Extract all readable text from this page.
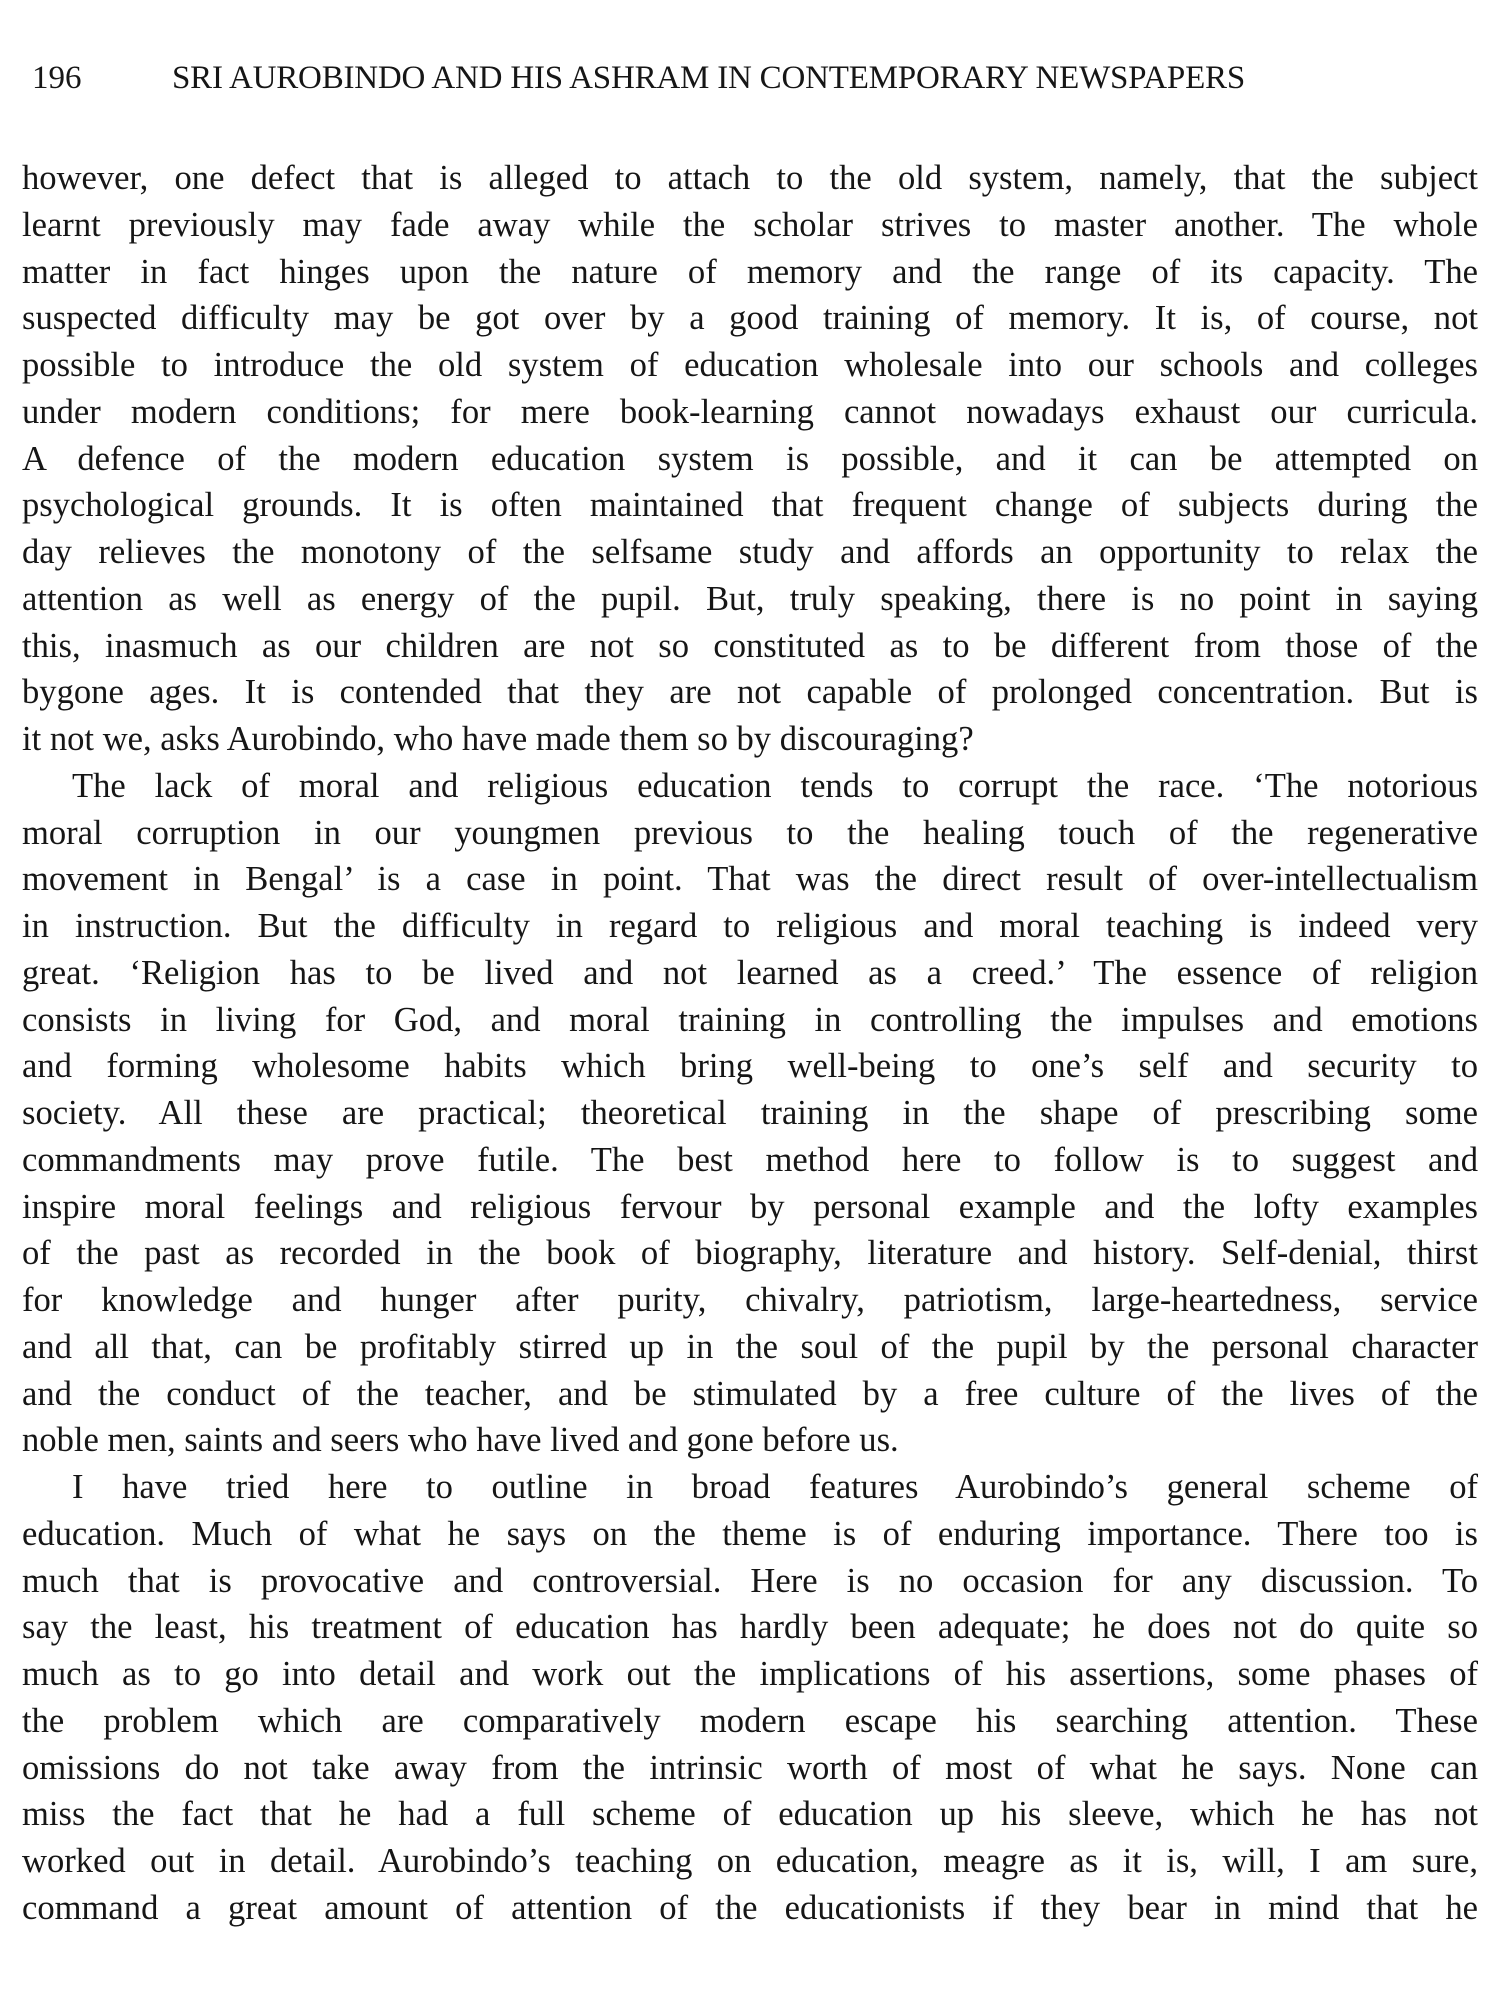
196	SRI AUROBINDO AND HIS ASHRAM IN CONTEMPORARY NEWSPAPERS
however, one defect that is alleged to attach to the old system, namely, that the subject
learnt previously may fade away while the scholar strives to master another. The whole
matter in fact hinges upon the nature of memory and the range of its capacity. The
suspected difficulty may be got over by a good training of memory. It is, of course, not
possible to introduce the old system of education wholesale into our schools and colleges
under modern conditions; for mere book-learning cannot nowadays exhaust our curricula.
A defence of the modern education system is possible, and it can be attempted on
psychological grounds. It is often maintained that frequent change of subjects during the
day relieves the monotony of the selfsame study and affords an opportunity to relax the
attention as well as energy of the pupil. But, truly speaking, there is no point in saying
this, inasmuch as our children are not so constituted as to be different from those of the
bygone ages. It is contended that they are not capable of prolonged concentration. But is
it not we, asks Aurobindo, who have made them so by discouraging?
The lack of moral and religious education tends to corrupt the race. ‘The notorious
moral corruption in our youngmen previous to the healing touch of the regenerative
movement in Bengal’ is a case in point. That was the direct result of over-intellectualism
in instruction. But the difficulty in regard to religious and moral teaching is indeed very
great. ‘Religion has to be lived and not learned as a creed.’ The essence of religion
consists in living for God, and moral training in controlling the impulses and emotions
and forming wholesome habits which bring well-being to one’s self and security to
society. All these are practical; theoretical training in the shape of prescribing some
commandments may prove futile. The best method here to follow is to suggest and
inspire moral feelings and religious fervour by personal example and the lofty examples
of the past as recorded in the book of biography, literature and history. Self-denial, thirst
for knowledge and hunger after purity, chivalry, patriotism, large-heartedness, service
and all that, can be profitably stirred up in the soul of the pupil by the personal character
and the conduct of the teacher, and be stimulated by a free culture of the lives of the
noble men, saints and seers who have lived and gone before us.
I have tried here to outline in broad features Aurobindo’s general scheme of
education. Much of what he says on the theme is of enduring importance. There too is
much that is provocative and controversial. Here is no occasion for any discussion. To
say the least, his treatment of education has hardly been adequate; he does not do quite so
much as to go into detail and work out the implications of his assertions, some phases of
the problem which are comparatively modern escape his searching attention. These
omissions do not take away from the intrinsic worth of most of what he says. None can
miss the fact that he had a full scheme of education up his sleeve, which he has not
worked out in detail. Aurobindo’s teaching on education, meagre as it is, will, I am sure,
command a great amount of attention of the educationists if they bear in mind that he
